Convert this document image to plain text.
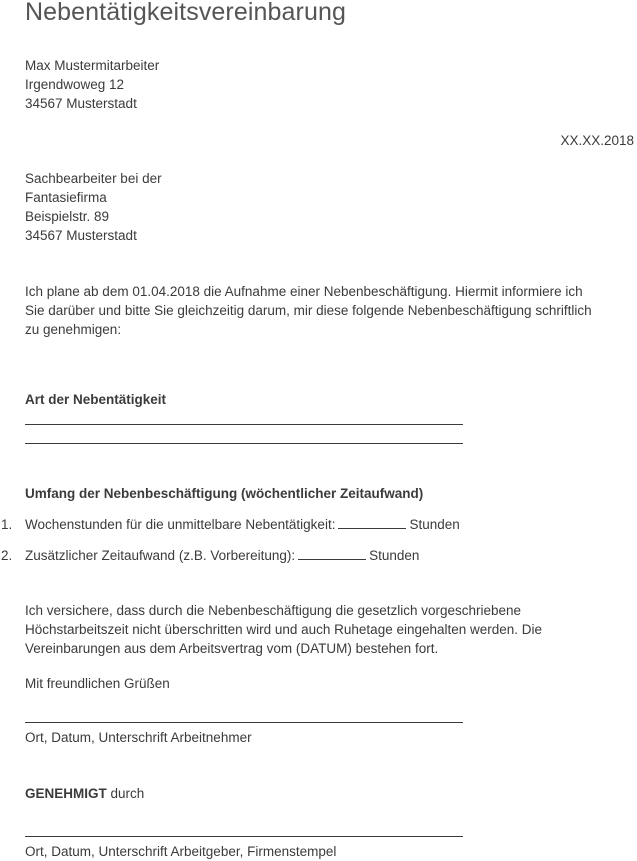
Nebentätigkeitsvereinbarung
Max Mustermitarbeiter
Irgendwoweg 12
34567 Musterstadt
XX.XX.2018
Sachbearbeiter bei der
Fantasiefirma
Beispielstr. 89
34567 Musterstadt
Ich plane ab dem 01.04.2018 die Aufnahme einer Nebenbeschäftigung. Hiermit informiere ich
Sie darüber und bitte Sie gleichzeitig darum, mir diese folgende Nebenbeschäftigung schriftlich
zu genehmigen:
Art der Nebentätigkeit
Umfang der Nebenbeschäftigung (wöchentlicher Zeitaufwand)
1. Wochenstunden für die unmittelbare Nebentätigkeit:	Stunden
2. Zusätzlicher Zeitaufwand (z.B. Vorbereitung):	Stunden
Ich versichere, dass durch die Nebenbeschäftigung die gesetzlich vorgeschriebene
Höchstarbeitszeit nicht überschritten wird und auch Ruhetage eingehalten werden. Die
Vereinbarungen aus dem Arbeitsvertrag vom (DATUM) bestehen fort.
Mit freundlichen Grüßen
Ort, Datum, Unterschrift Arbeitnehmer
GENEHMIGT durch
Ort, Datum, Unterschrift Arbeitgeber, Firmenstempel
